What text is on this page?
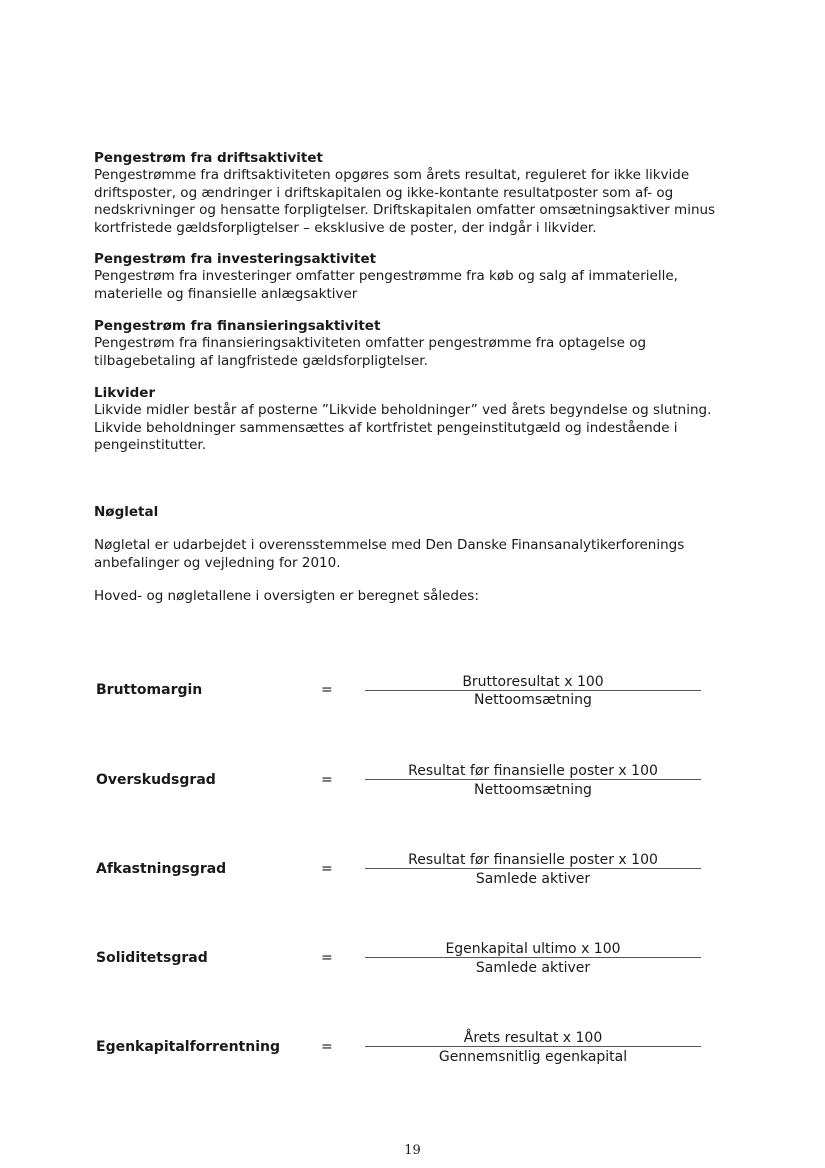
Pengestrøm fra driftsaktivitet

Pengestrømme fra driftsaktiviteten opgøres som årets resultat, reguleret for ikke likvide

driftsposter, og ændringer i driftskapitalen og ikke-kontante resultatposter som af- og

nedskrivninger og hensatte forpligtelser. Driftskapitalen omfatter omsætningsaktiver minus

kortfristede gældsforpligtelser – eksklusive de poster, der indgår i likvider.

Pengestrøm fra investeringsaktivitet

Pengestrøm fra investeringer omfatter pengestrømme fra køb og salg af immaterielle,

materielle og finansielle anlægsaktiver

Pengestrøm fra finansieringsaktivitet

Pengestrøm fra finansieringsaktiviteten omfatter pengestrømme fra optagelse og

tilbagebetaling af langfristede gældsforpligtelser.

Likvider

Likvide midler består af posterne ”Likvide beholdninger” ved årets begyndelse og slutning.

Likvide beholdninger sammensættes af kortfristet pengeinstitutgæld og indestående i

pengeinstitutter.

Nøgletal

Nøgletal er udarbejdet i overensstemmelse med Den Danske Finansanalytikerforenings

anbefalinger og vejledning for 2010.

Hoved- og nøgletallene i oversigten er beregnet således:

Bruttomargin	=	Bruttoresultat x 100
Nettoomsætning
Overskudsgrad	=
Resultat før finansielle poster x 100
Nettoomsætning
Afkastningsgrad	=
Resultat før finansielle poster x 100
Samlede aktiver
Soliditetsgrad	=
Egenkapital ultimo x 100
Samlede aktiver
Egenkapitalforrentning	=
Årets resultat x 100
Gennemsnitlig egenkapital
19
